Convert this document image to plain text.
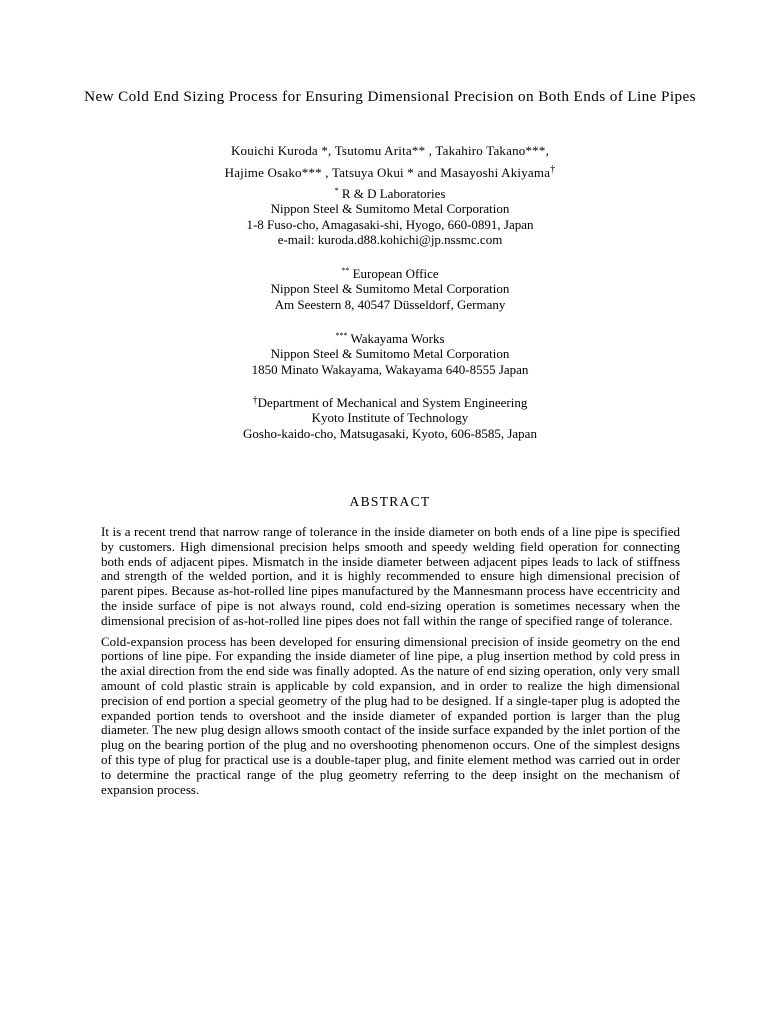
New Cold End Sizing Process for Ensuring Dimensional Precision on Both Ends of Line Pipes
Kouichi Kuroda *, Tsutomu Arita** , Takahiro Takano***,
Hajime Osako*** , Tatsuya Okui * and Masayoshi Akiyama†
* R & D Laboratories
Nippon Steel & Sumitomo Metal Corporation
1-8 Fuso-cho, Amagasaki-shi, Hyogo, 660-0891, Japan
e-mail: kuroda.d88.kohichi@jp.nssmc.com
** European Office
Nippon Steel & Sumitomo Metal Corporation
Am Seestern 8, 40547 Düsseldorf, Germany
*** Wakayama Works
Nippon Steel & Sumitomo Metal Corporation
1850 Minato Wakayama, Wakayama 640-8555 Japan
†Department of Mechanical and System Engineering
Kyoto Institute of Technology
Gosho-kaido-cho, Matsugasaki, Kyoto, 606-8585, Japan
ABSTRACT

It is a recent trend that narrow range of tolerance in the inside diameter on both ends of a line pipe is specified by customers. High dimensional precision helps smooth and speedy welding field operation for connecting both ends of adjacent pipes. Mismatch in the inside diameter between adjacent pipes leads to lack of stiffness and strength of the welded portion, and it is highly recommended to ensure high dimensional precision of parent pipes. Because as-hot-rolled line pipes manufactured by the Mannesmann process have eccentricity and the inside surface of pipe is not always round, cold end-sizing operation is sometimes necessary when the dimensional precision of as-hot-rolled line pipes does not fall within the range of specified range of tolerance.

Cold-expansion process has been developed for ensuring dimensional precision of inside geometry on the end portions of line pipe. For expanding the inside diameter of line pipe, a plug insertion method by cold press in the axial direction from the end side was finally adopted. As the nature of end sizing operation, only very small amount of cold plastic strain is applicable by cold expansion, and in order to realize the high dimensional precision of end portion a special geometry of the plug had to be designed. If a single-taper plug is adopted the expanded portion tends to overshoot and the inside diameter of expanded portion is larger than the plug diameter. The new plug design allows smooth contact of the inside surface expanded by the inlet portion of the plug on the bearing portion of the plug and no overshooting phenomenon occurs. One of the simplest designs of this type of plug for practical use is a double-taper plug, and finite element method was carried out in order to determine the practical range of the plug geometry referring to the deep insight on the mechanism of expansion process.
